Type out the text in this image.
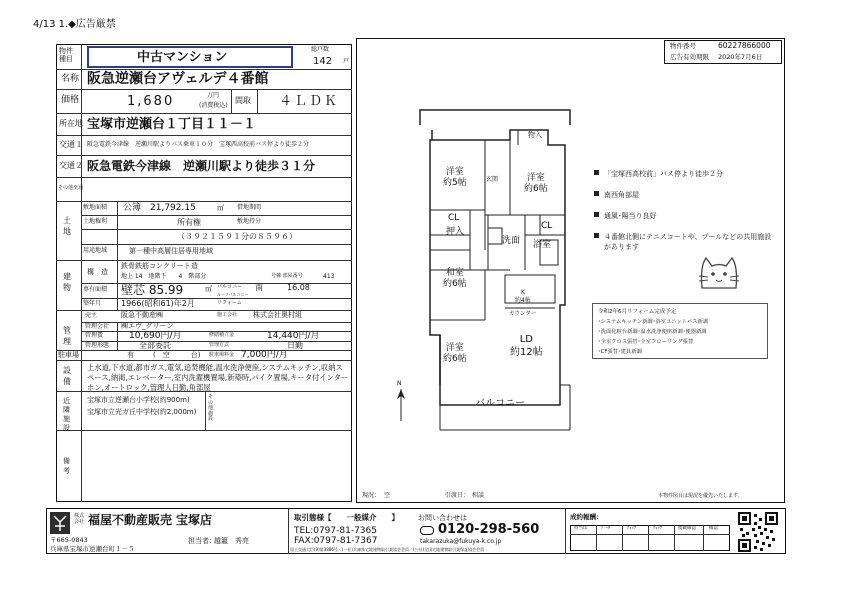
4/13 1.◆広告厳禁
物件種目	中古マンション
総戸数
142 戸
名称 阪急逆瀬台アヴェルデ４番館
価格	1,680	万円
(消費税込)
間取 ４ＬＤＫ
所在地 宝塚市逆瀬台１丁目１１－１
交通１ 阪急電鉄今津線　逆瀬川駅よりバス乗車１０分　宝塚西高校前バス停より徒歩２分
交通２ 阪急電鉄今津線　逆瀬川駅より徒歩３１分
その他交通
土地
敷地面積 公簿　21,792.15	㎡ 借地期間
土地権利	所有権	敷地持分
（３９２１５９１分の８５９６）
用途地域	第一種中高層住居専用地域
建物
構　造
鉄骨鉄筋コンクリート造
地上 14　地階下　　4　階部分	号棟 部屋番号	413
専有面積 壁芯 85.99	㎡ バルコニー 南　　　16.08
ルーフバルコニー
築年月 1966(昭和61)年2月	リフォーム
売主	阪急不動産㈱	施工会社 株式会社奥村組
管理
管理会社 ㈱エヴ_グリーン
管理費	10,690円/月	修繕積立金	14,440円/月
管理形態	全部委託	管理方式	日勤
駐車場	有	(　空　　　台) 駐車場料金 7,000円/月
設備
上水道,下水道,都市ガス,電気,追焚機能,温水洗浄便座,システムキッチン,収納スペース,納渇,エレベーター,室内洗濯機置場,新築時,バイク置場,キータ付インターホン,オートロック,管理人日勤,角部屋
近隣施設
宝塚市立逆瀬台小学校(約900m)
宝塚市立光ガ丘中学校(約2,000m)
その他施設
備考
物件番号	60227866000
広告有効期限 2020年7月6日
物入
洋室
約5帖	玄関	洋室
約6帖
CL
CL
押入
洗面 浴室
和室
約6帖
K
約4帖
カウンター
LD
約12帖
洋室
約6帖
バルコニー
N
「宝塚西高校前」バス停より徒歩２分
南西角部屋
通風･陽当り良好
４番館北側にテニスコートや、プールなどの共用施設があります
令和2年6月リフォーム完成予定
･システムキッチン新調･浴室ユニットバス新調
･洗面化粧台新調･温水洗浄便座新調･便器新調
･全室クロス張替･全室フローリング張替
･CF張替･建具新調
現況： 空	引渡日： 相談	本物件図目は現況を優先いたします。
株式会社 福屋不動産販売 宝塚店
〒665-0843
兵庫県宝塚市逆瀬台町１－５
担当者：
越籠　秀亮
取引態様【　　一般媒介　　】	お問い合わせは
TEL:0797-81-7365
FAX:0797-81-7367
0120-298-560
takarazuka@fukuya-k.co.jp
国土交通大臣(9)第3886号／(一社)兵庫県宅地建物取引業協会会員／(公社)全国宅地建物取引業保証協会会員
成約報酬：
担当印	ﾃﾞｰﾀ	ﾁｪｯｸ	ﾁｪｯｸ	掲載確認	確認
